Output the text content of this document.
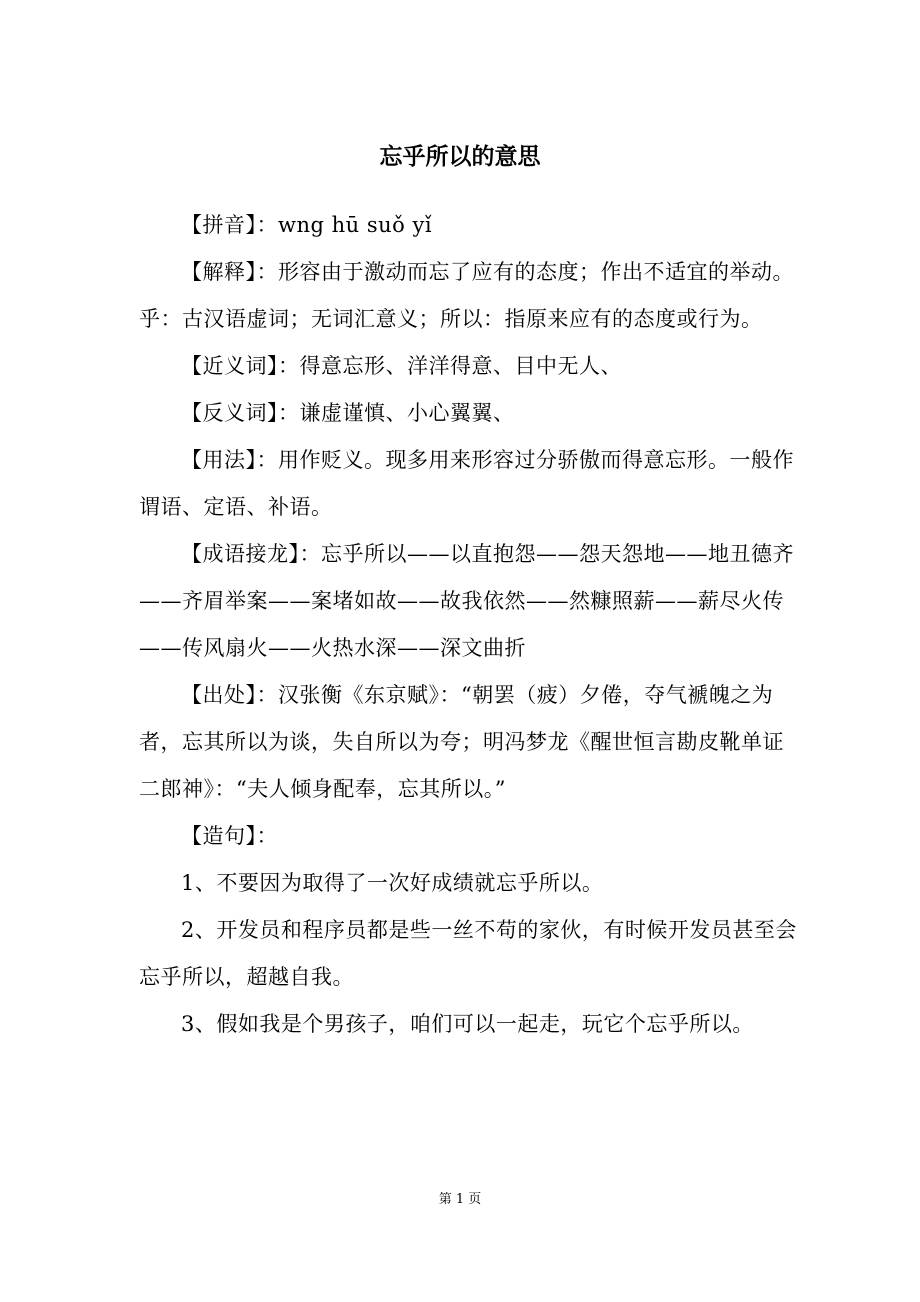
忘乎所以的意思

【拼音】：wng hū suǒ yǐ

【解释】：形容由于激动而忘了应有的态度；作出不适宜的举动。乎：古汉语虚词；无词汇意义；所以：指原来应有的态度或行为。

【近义词】：得意忘形、洋洋得意、目中无人、

【反义词】：谦虚谨慎、小心翼翼、

【用法】：用作贬义。现多用来形容过分骄傲而得意忘形。一般作谓语、定语、补语。

【成语接龙】：忘乎所以——以直抱怨——怨天怨地——地丑德齐——齐眉举案——案堵如故——故我依然——然糠照薪——薪尽火传——传风扇火——火热水深——深文曲折

【出处】：汉张衡《东京赋》：“朝罢（疲）夕倦，夺气褫魄之为者，忘其所以为谈，失自所以为夸；明冯梦龙《醒世恒言勘皮靴单证二郎神》：“夫人倾身配奉，忘其所以。”

【造句】：

1、不要因为取得了一次好成绩就忘乎所以。

2、开发员和程序员都是些一丝不苟的家伙，有时候开发员甚至会忘乎所以，超越自我。

3、假如我是个男孩子，咱们可以一起走，玩它个忘乎所以。

第 1 页
